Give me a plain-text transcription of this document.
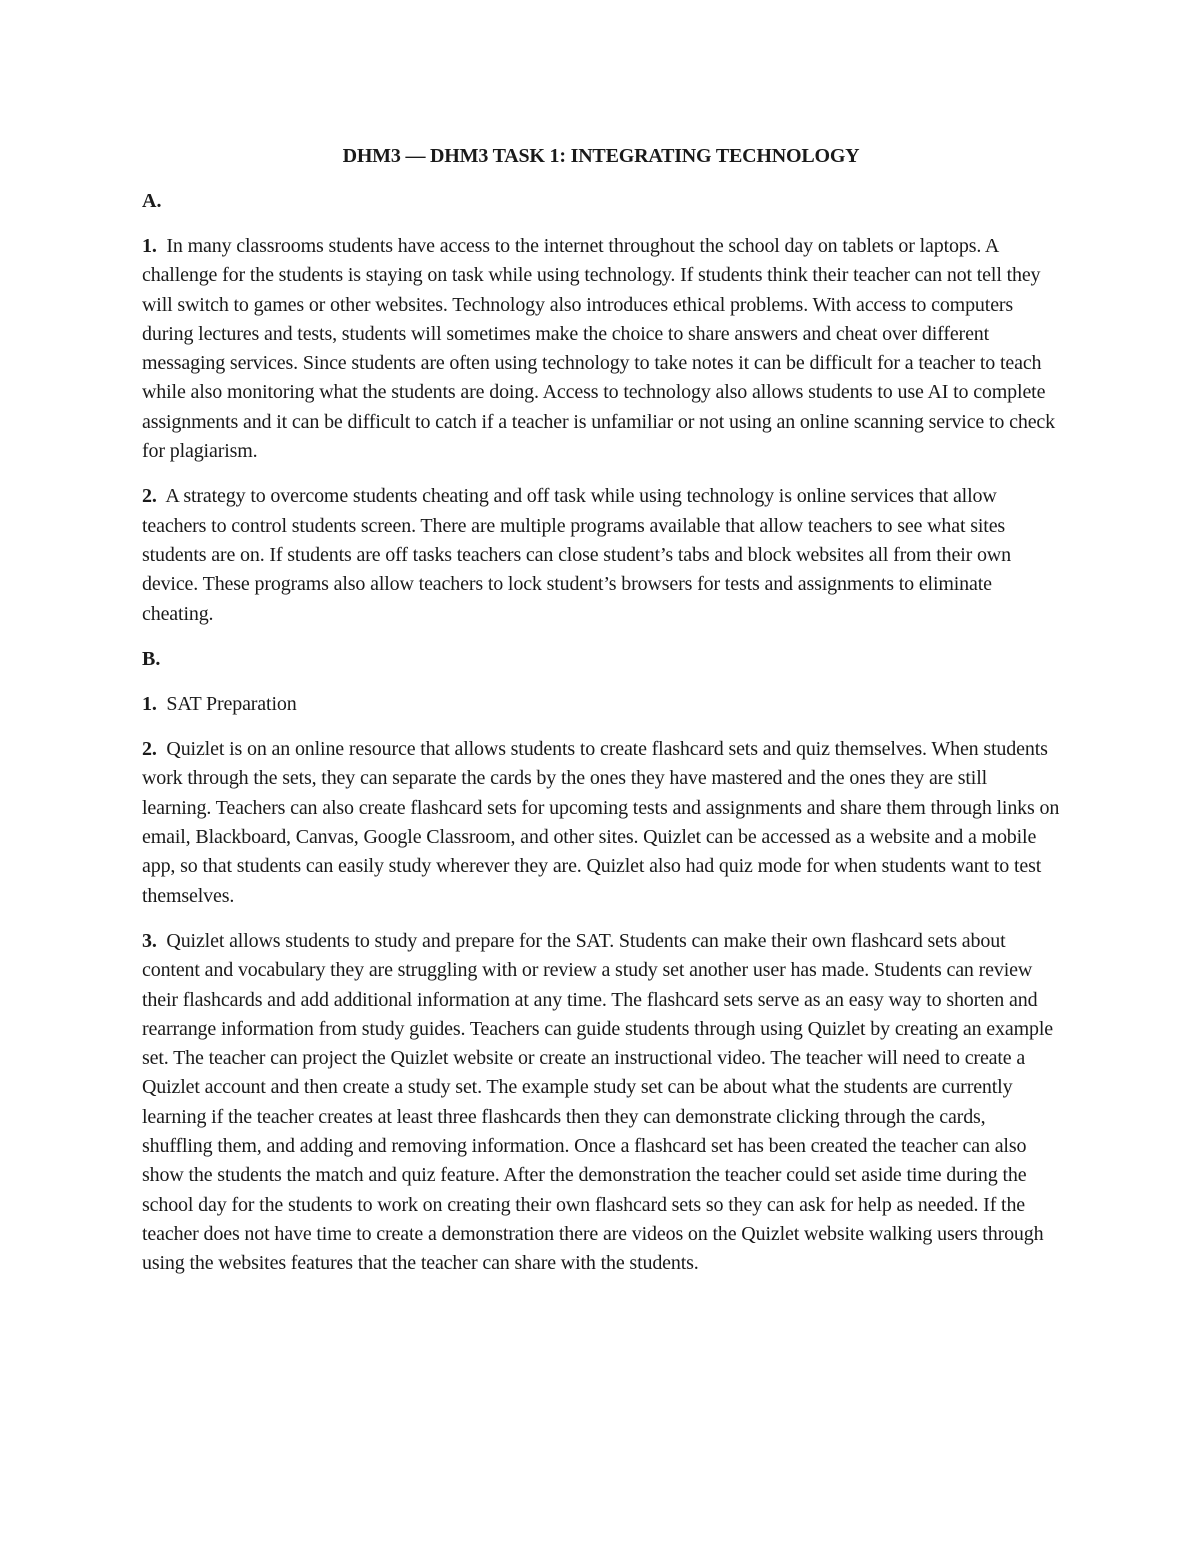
DHM3 — DHM3 TASK 1: INTEGRATING TECHNOLOGY
A.

1. In many classrooms students have access to the internet throughout the school day on tablets or laptops. A challenge for the students is staying on task while using technology. If students think their teacher can not tell they will switch to games or other websites. Technology also introduces ethical problems. With access to computers during lectures and tests, students will sometimes make the choice to share answers and cheat over different messaging services. Since students are often using technology to take notes it can be difficult for a teacher to teach while also monitoring what the students are doing. Access to technology also allows students to use AI to complete assignments and it can be difficult to catch if a teacher is unfamiliar or not using an online scanning service to check for plagiarism.

2. A strategy to overcome students cheating and off task while using technology is online services that allow teachers to control students screen. There are multiple programs available that allow teachers to see what sites students are on. If students are off tasks teachers can close student’s tabs and block websites all from their own device. These programs also allow teachers to lock student’s browsers for tests and assignments to eliminate cheating.

B.

1. SAT Preparation

2. Quizlet is on an online resource that allows students to create flashcard sets and quiz themselves. When students work through the sets, they can separate the cards by the ones they have mastered and the ones they are still learning. Teachers can also create flashcard sets for upcoming tests and assignments and share them through links on email, Blackboard, Canvas, Google Classroom, and other sites. Quizlet can be accessed as a website and a mobile app, so that students can easily study wherever they are. Quizlet also had quiz mode for when students want to test themselves.

3. Quizlet allows students to study and prepare for the SAT. Students can make their own flashcard sets about content and vocabulary they are struggling with or review a study set another user has made. Students can review their flashcards and add additional information at any time. The flashcard sets serve as an easy way to shorten and rearrange information from study guides. Teachers can guide students through using Quizlet by creating an example set. The teacher can project the Quizlet website or create an instructional video. The teacher will need to create a Quizlet account and then create a study set. The example study set can be about what the students are currently learning if the teacher creates at least three flashcards then they can demonstrate clicking through the cards, shuffling them, and adding and removing information. Once a flashcard set has been created the teacher can also show the students the match and quiz feature. After the demonstration the teacher could set aside time during the school day for the students to work on creating their own flashcard sets so they can ask for help as needed. If the teacher does not have time to create a demonstration there are videos on the Quizlet website walking users through using the websites features that the teacher can share with the students.
